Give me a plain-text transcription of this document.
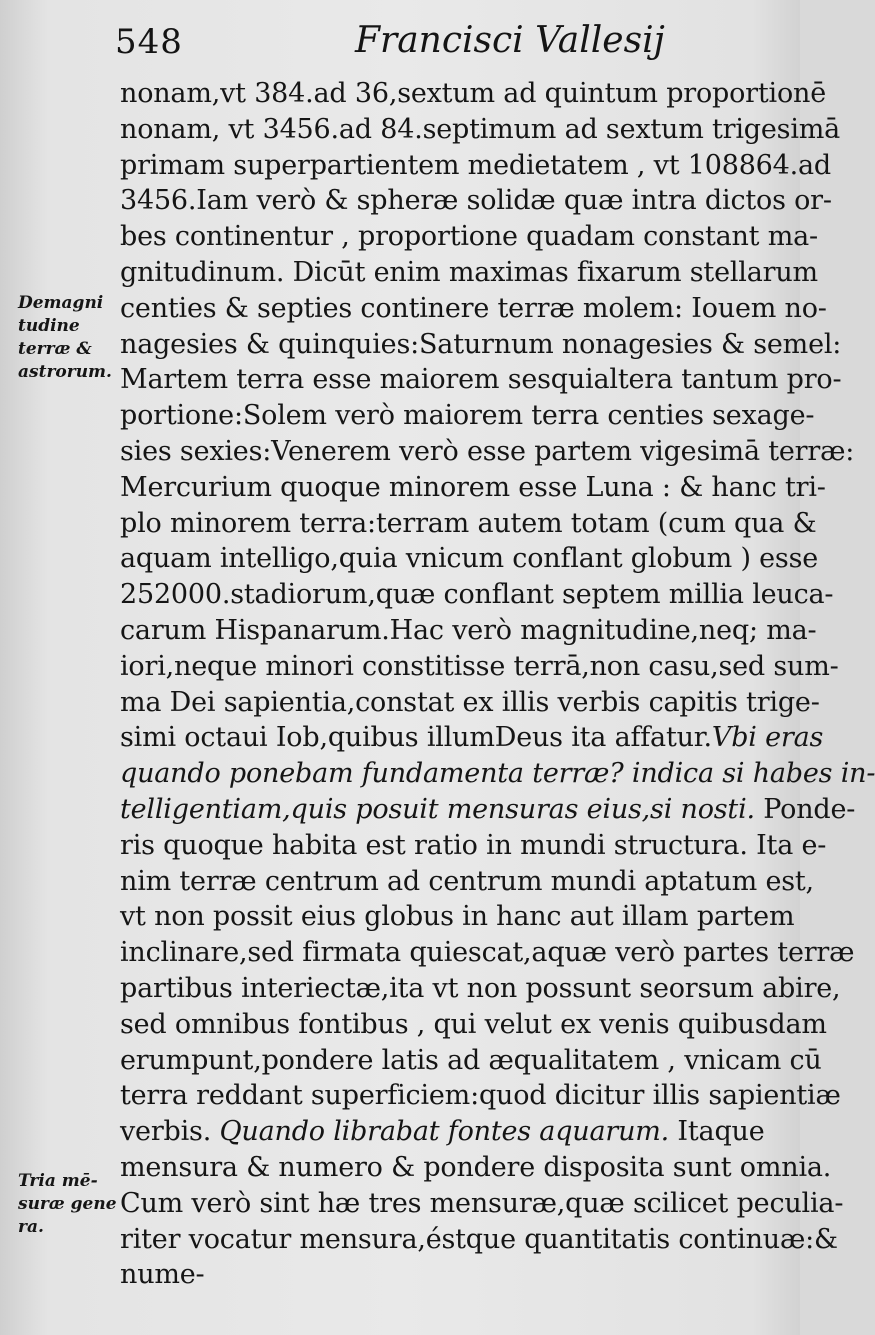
548	Francisci Vallesij
Demagni
tudine
terræ &
astrorum.
Tria mē-
suræ gene
ra.
nonam,vt 384.ad 36,sextum ad quintum proportionē
nonam, vt 3456.ad 84.septimum ad sextum trigesimā
primam superpartientem medietatem , vt 108864.ad
3456.Iam verò & spheræ solidæ quæ intra dictos or-
bes continentur , proportione quadam constant ma-
gnitudinum. Dicūt enim maximas fixarum stellarum
centies & septies continere terræ molem: Iouem no-
nagesies & quinquies:Saturnum nonagesies & semel:
Martem terra esse maiorem sesquialtera tantum pro-
portione:Solem verò maiorem terra centies sexage-
sies sexies:Venerem verò esse partem vigesimā terræ:
Mercurium quoque minorem esse Luna : & hanc tri-
plo minorem terra:terram autem totam (cum qua &
aquam intelligo,quia vnicum conflant globum ) esse
252000.stadiorum,quæ conflant septem millia leuca-
carum Hispanarum.Hac verò magnitudine,neq; ma-
iori,neque minori constitisse terrā,non casu,sed sum-
ma Dei sapientia,constat ex illis verbis capitis trige-
simi octaui Iob,quibus illumDeus ita affatur.Vbi eras
quando ponebam fundamenta terræ? indica si habes in-
telligentiam,quis posuit mensuras eius,si nosti. Ponde-
ris quoque habita est ratio in mundi structura. Ita e-
nim terræ centrum ad centrum mundi aptatum est,
vt non possit eius globus in hanc aut illam partem
inclinare,sed firmata quiescat,aquæ verò partes terræ
partibus interiectæ,ita vt non possunt seorsum abire,
sed omnibus fontibus , qui velut ex venis quibusdam
erumpunt,pondere latis ad æqualitatem , vnicam cū
terra reddant superficiem:quod dicitur illis sapientiæ
verbis. Quando librabat fontes aquarum. Itaque
mensura & numero & pondere disposita sunt omnia.
Cum verò sint hæ tres mensuræ,quæ scilicet peculia-
riter vocatur mensura,éstque quantitatis continuæ:&
nume-
